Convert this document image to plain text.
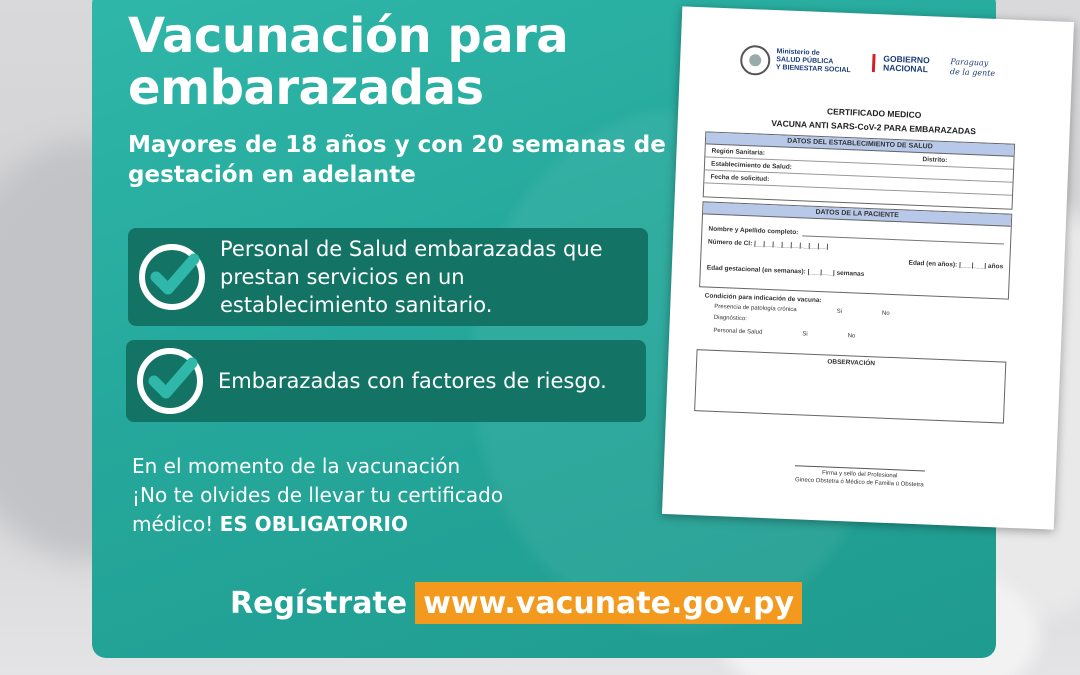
Vacunación para embarazadas
Mayores de 18 años y con 20 semanas de gestación en adelante
Personal de Salud embarazadas que prestan servicios en un establecimiento sanitario.
Embarazadas con factores de riesgo.
En el momento de la vacunación
¡No te olvides de llevar tu certificado
médico! ES OBLIGATORIO
Regístrate www.vacunate.gov.py
Ministerio de
SALUD PÚBLICA
Y BIENESTAR SOCIAL
GOBIERNO
NACIONAL
Paraguay
de la gente
CERTIFICADO MEDICO
VACUNA ANTI SARS-CoV-2 PARA EMBARAZADAS
DATOS DEL ESTABLECIMIENTO DE SALUD
Región Sanitaria:
Distrito:
Establecimiento de Salud:
Fecha de solicitud:
DATOS DE LA PACIENTE
Nombre y Apellido completo:
Número de CI: |__|__|__|__|__|__|__|__|
Edad (en años): |___|___| años
Edad gestacional (en semanas): |___|___| semanas
Condición para indicación de vacuna:
Presencia de patología crónica	Si	No
Diagnóstico:
Personal de Salud	Si	No
OBSERVACIÓN
Firma y sello del Profesional
Gineco Obstetra ó Médico de Familia ú Obstetra
